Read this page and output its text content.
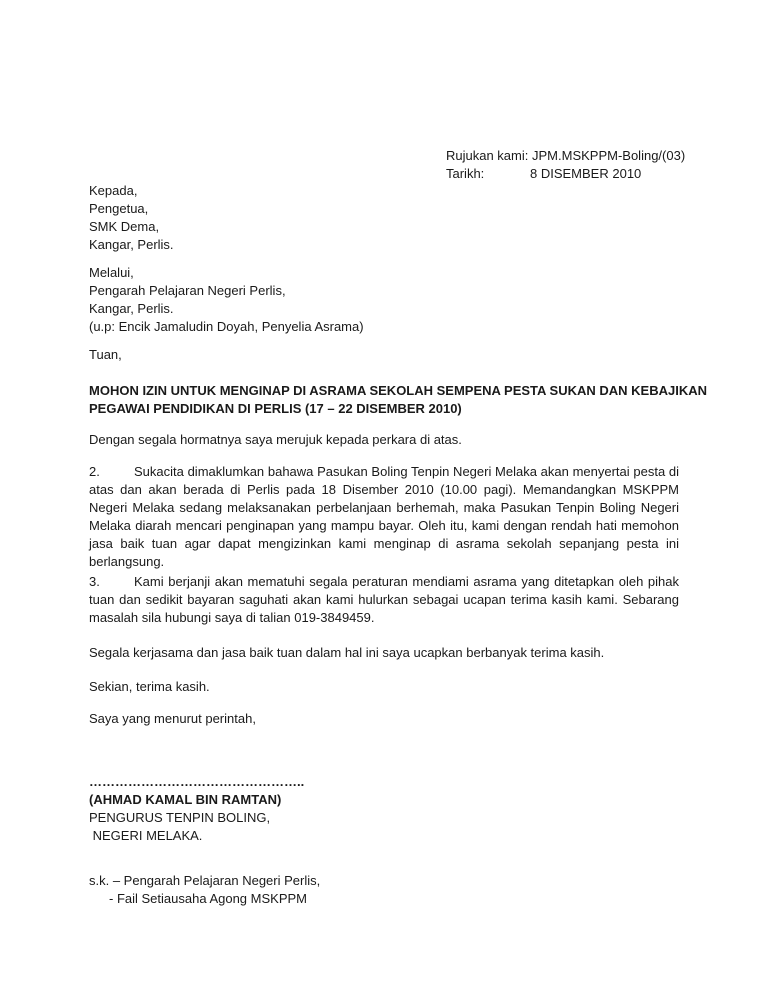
Rujukan kami:
JPM.MSKPPM-Boling/(03)
Tarikh:	8 DISEMBER 2010
Kepada,
Pengetua,
SMK Dema,
Kangar, Perlis.
Melalui,
Pengarah Pelajaran Negeri Perlis,
Kangar, Perlis.
(u.p: Encik Jamaludin Doyah, Penyelia Asrama)
Tuan,
MOHON IZIN UNTUK MENGINAP DI ASRAMA SEKOLAH SEMPENA PESTA SUKAN DAN KEBAJIKAN
PEGAWAI PENDIDIKAN DI PERLIS (17 – 22 DISEMBER 2010)
Dengan segala hormatnya saya merujuk kepada perkara di atas.
2.	Sukacita dimaklumkan bahawa Pasukan Boling Tenpin Negeri Melaka akan menyertai pesta di atas dan akan berada di Perlis pada 18 Disember 2010 (10.00 pagi). Memandangkan MSKPPM Negeri Melaka sedang melaksanakan perbelanjaan berhemah, maka Pasukan Tenpin Boling Negeri Melaka diarah mencari penginapan yang mampu bayar. Oleh itu, kami dengan rendah hati memohon jasa baik tuan agar dapat mengizinkan kami menginap di asrama sekolah sepanjang pesta ini berlangsung.
3.	Kami berjanji akan mematuhi segala peraturan mendiami asrama yang ditetapkan oleh pihak tuan dan sedikit bayaran saguhati akan kami hulurkan sebagai ucapan terima kasih kami. Sebarang masalah sila hubungi saya di talian 019-3849459.
Segala kerjasama dan jasa baik tuan dalam hal ini saya ucapkan berbanyak terima kasih.
Sekian, terima kasih.
Saya yang menurut perintah,
…………………………………………..
(AHMAD KAMAL BIN RAMTAN)
PENGURUS TENPIN BOLING,
NEGERI MELAKA.
s.k. – Pengarah Pelajaran Negeri Perlis,
- Fail Setiausaha Agong MSKPPM
